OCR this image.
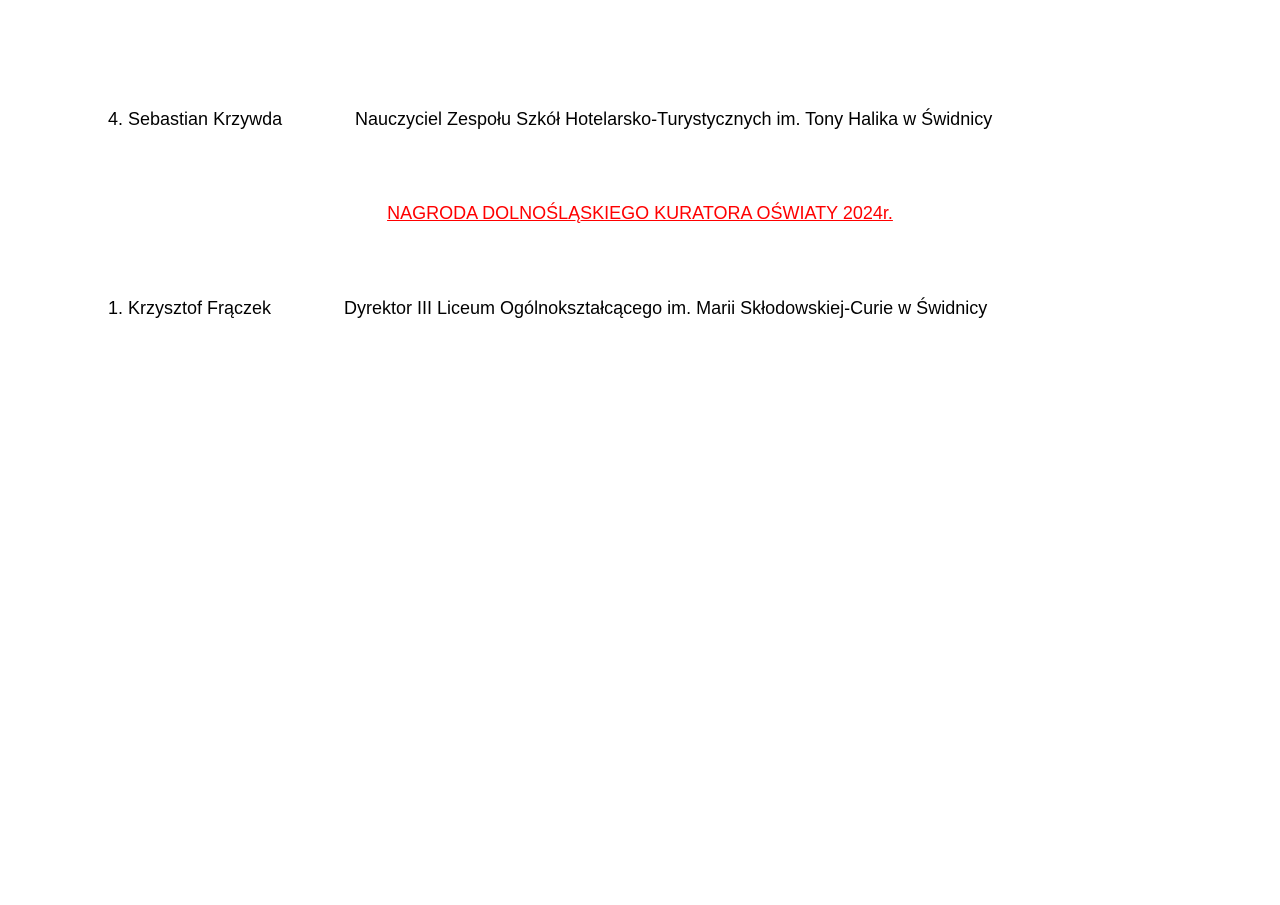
4. Sebastian Krzywda	Nauczyciel Zespołu Szkół Hotelarsko-Turystycznych im. Tony Halika w Świdnicy
NAGRODA DOLNOŚLĄSKIEGO KURATORA OŚWIATY 2024r.
1. Krzysztof Frączek	Dyrektor III Liceum Ogólnokształcącego im. Marii Skłodowskiej-Curie w Świdnicy
